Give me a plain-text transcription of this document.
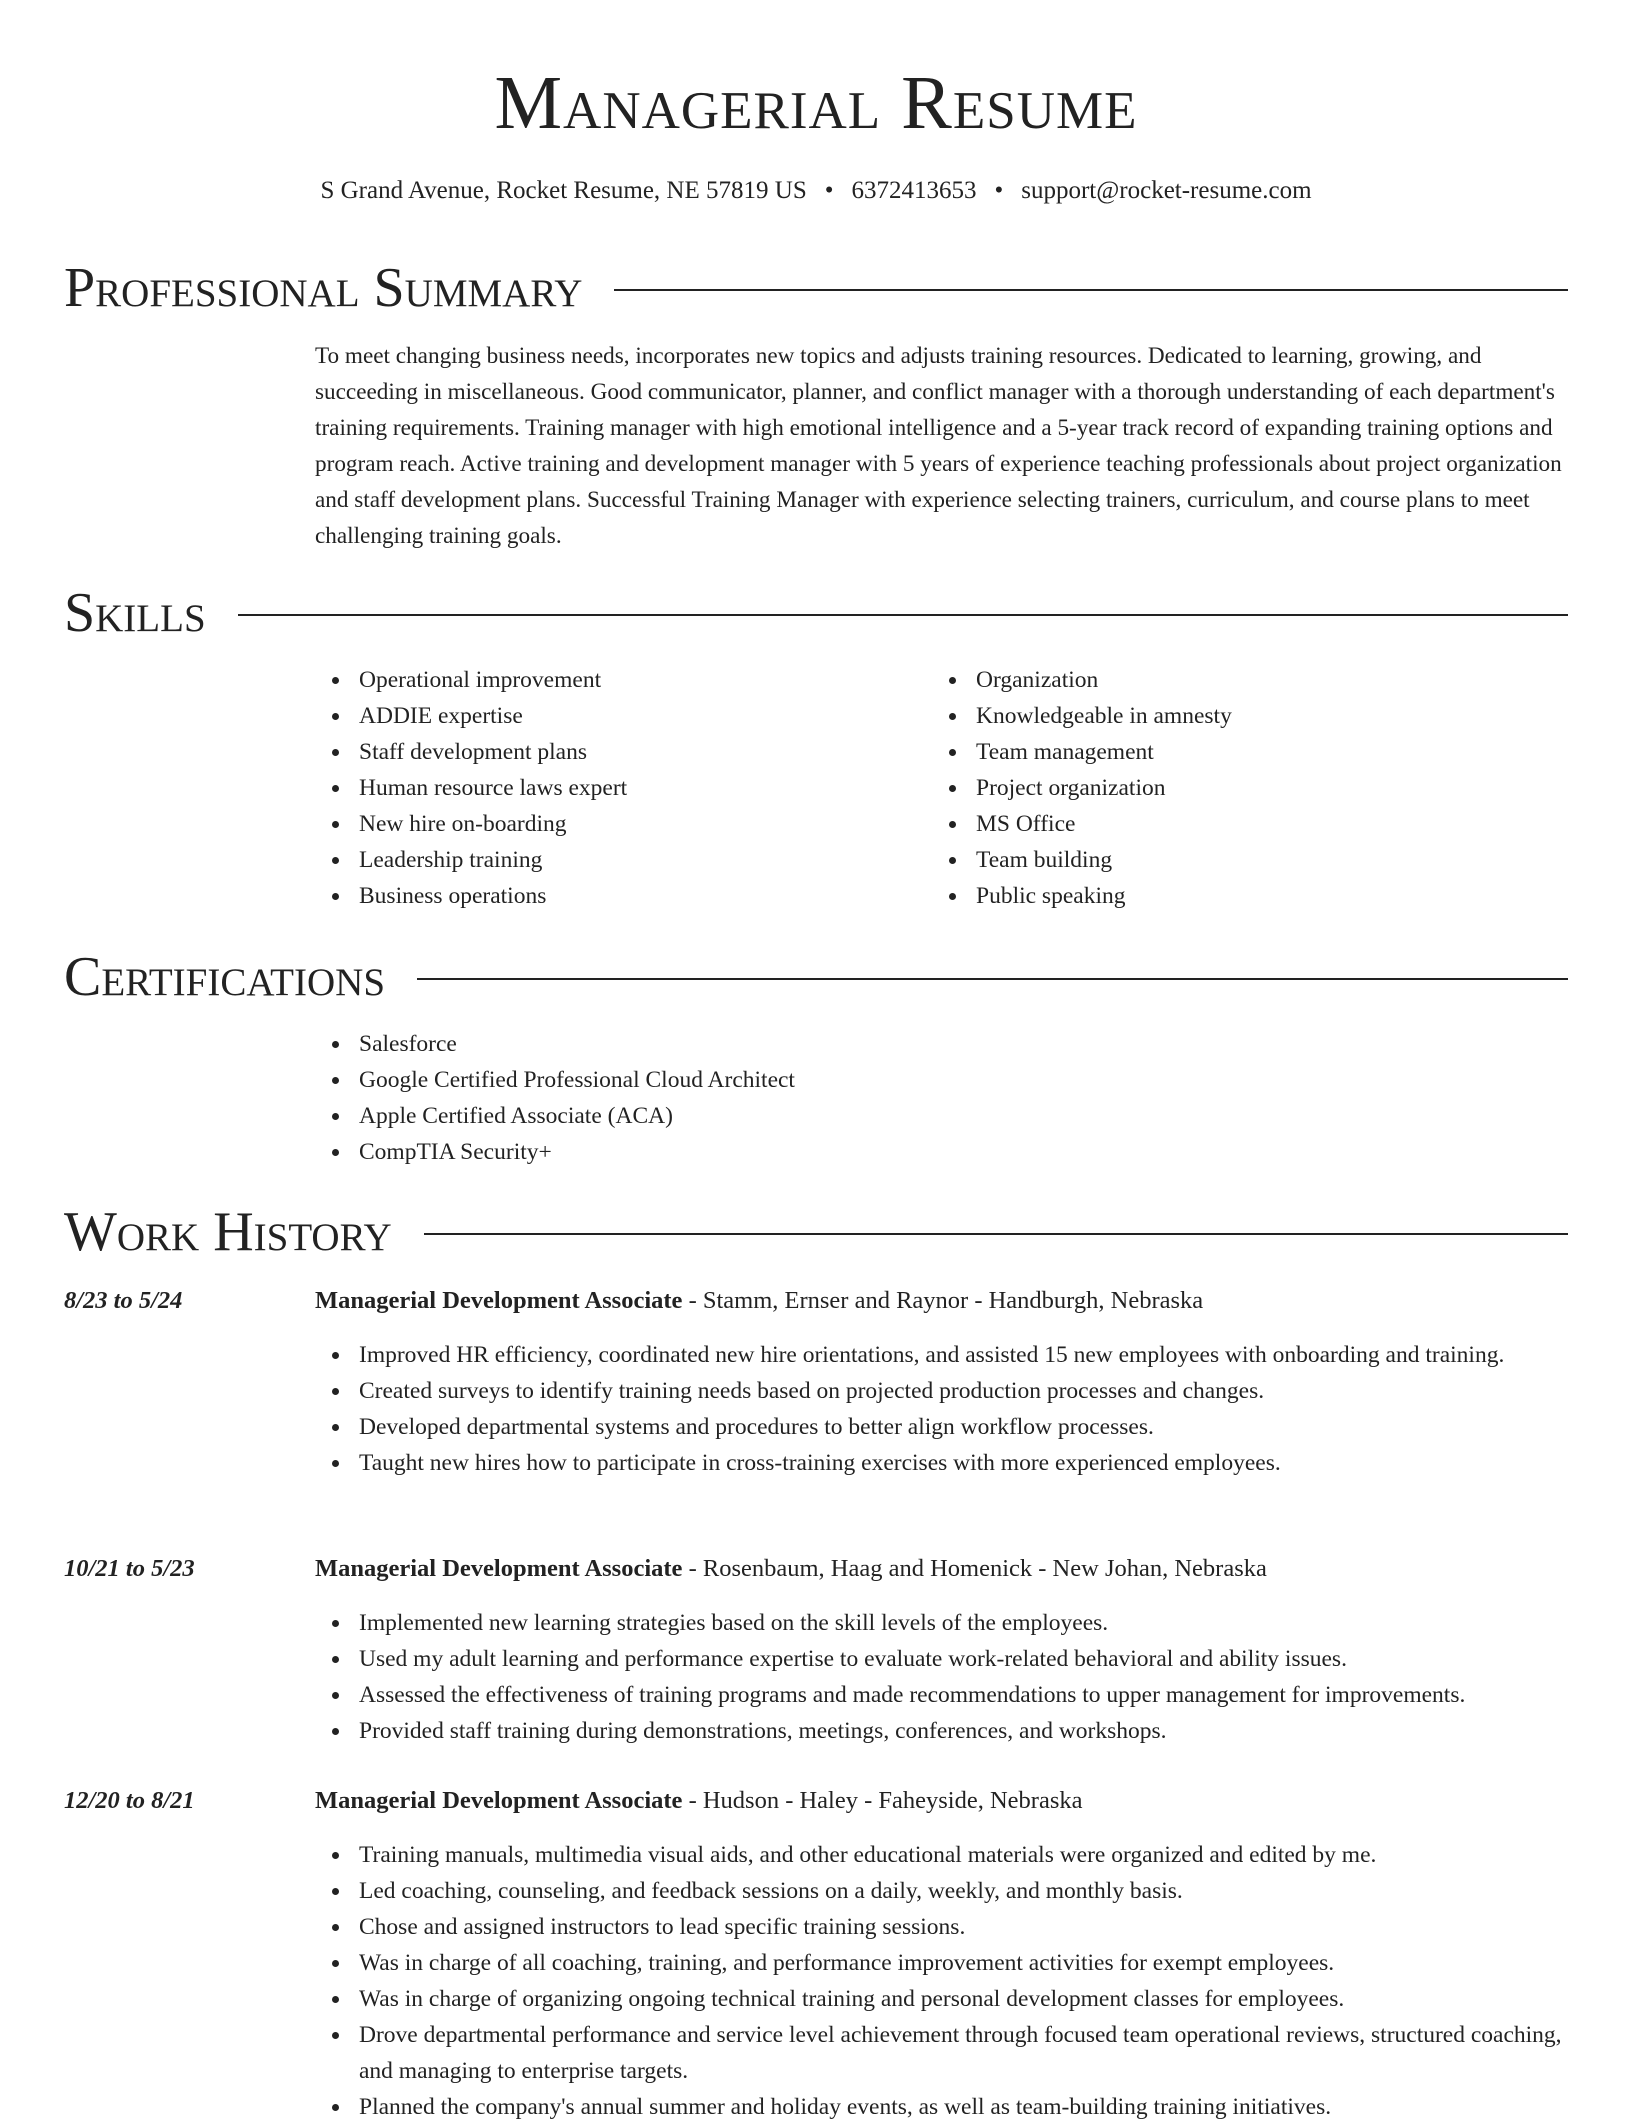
Managerial Resume
S Grand Avenue, Rocket Resume, NE 57819 US • 6372413653 • support@rocket-resume.com
Professional Summary

To meet changing business needs, incorporates new topics and adjusts training resources. Dedicated to learning, growing, and succeeding in miscellaneous. Good communicator, planner, and conflict manager with a thorough understanding of each department's training requirements. Training manager with high emotional intelligence and a 5-year track record of expanding training options and program reach. Active training and development manager with 5 years of experience teaching professionals about project organization and staff development plans. Successful Training Manager with experience selecting trainers, curriculum, and course plans to meet challenging training goals.

Skills
Operational improvement
ADDIE expertise
Staff development plans
Human resource laws expert
New hire on-boarding
Leadership training
Business operations
Organization
Knowledgeable in amnesty
Team management
Project organization
MS Office
Team building
Public speaking
Certifications
Salesforce
Google Certified Professional Cloud Architect
Apple Certified Associate (ACA)
CompTIA Security+
Work History
8/23 to 5/24	Managerial Development Associate - Stamm, Ernser and Raynor - Handburgh, Nebraska
Improved HR efficiency, coordinated new hire orientations, and assisted 15 new employees with onboarding and training.
Created surveys to identify training needs based on projected production processes and changes.
Developed departmental systems and procedures to better align workflow processes.
Taught new hires how to participate in cross-training exercises with more experienced employees.
10/21 to 5/23	Managerial Development Associate - Rosenbaum, Haag and Homenick - New Johan, Nebraska
Implemented new learning strategies based on the skill levels of the employees.
Used my adult learning and performance expertise to evaluate work-related behavioral and ability issues.
Assessed the effectiveness of training programs and made recommendations to upper management for improvements.
Provided staff training during demonstrations, meetings, conferences, and workshops.
12/20 to 8/21	Managerial Development Associate - Hudson - Haley - Faheyside, Nebraska
Training manuals, multimedia visual aids, and other educational materials were organized and edited by me.
Led coaching, counseling, and feedback sessions on a daily, weekly, and monthly basis.
Chose and assigned instructors to lead specific training sessions.
Was in charge of all coaching, training, and performance improvement activities for exempt employees.
Was in charge of organizing ongoing technical training and personal development classes for employees.
Drove departmental performance and service level achievement through focused team operational reviews, structured coaching, and managing to enterprise targets.
Planned the company's annual summer and holiday events, as well as team-building training initiatives.
